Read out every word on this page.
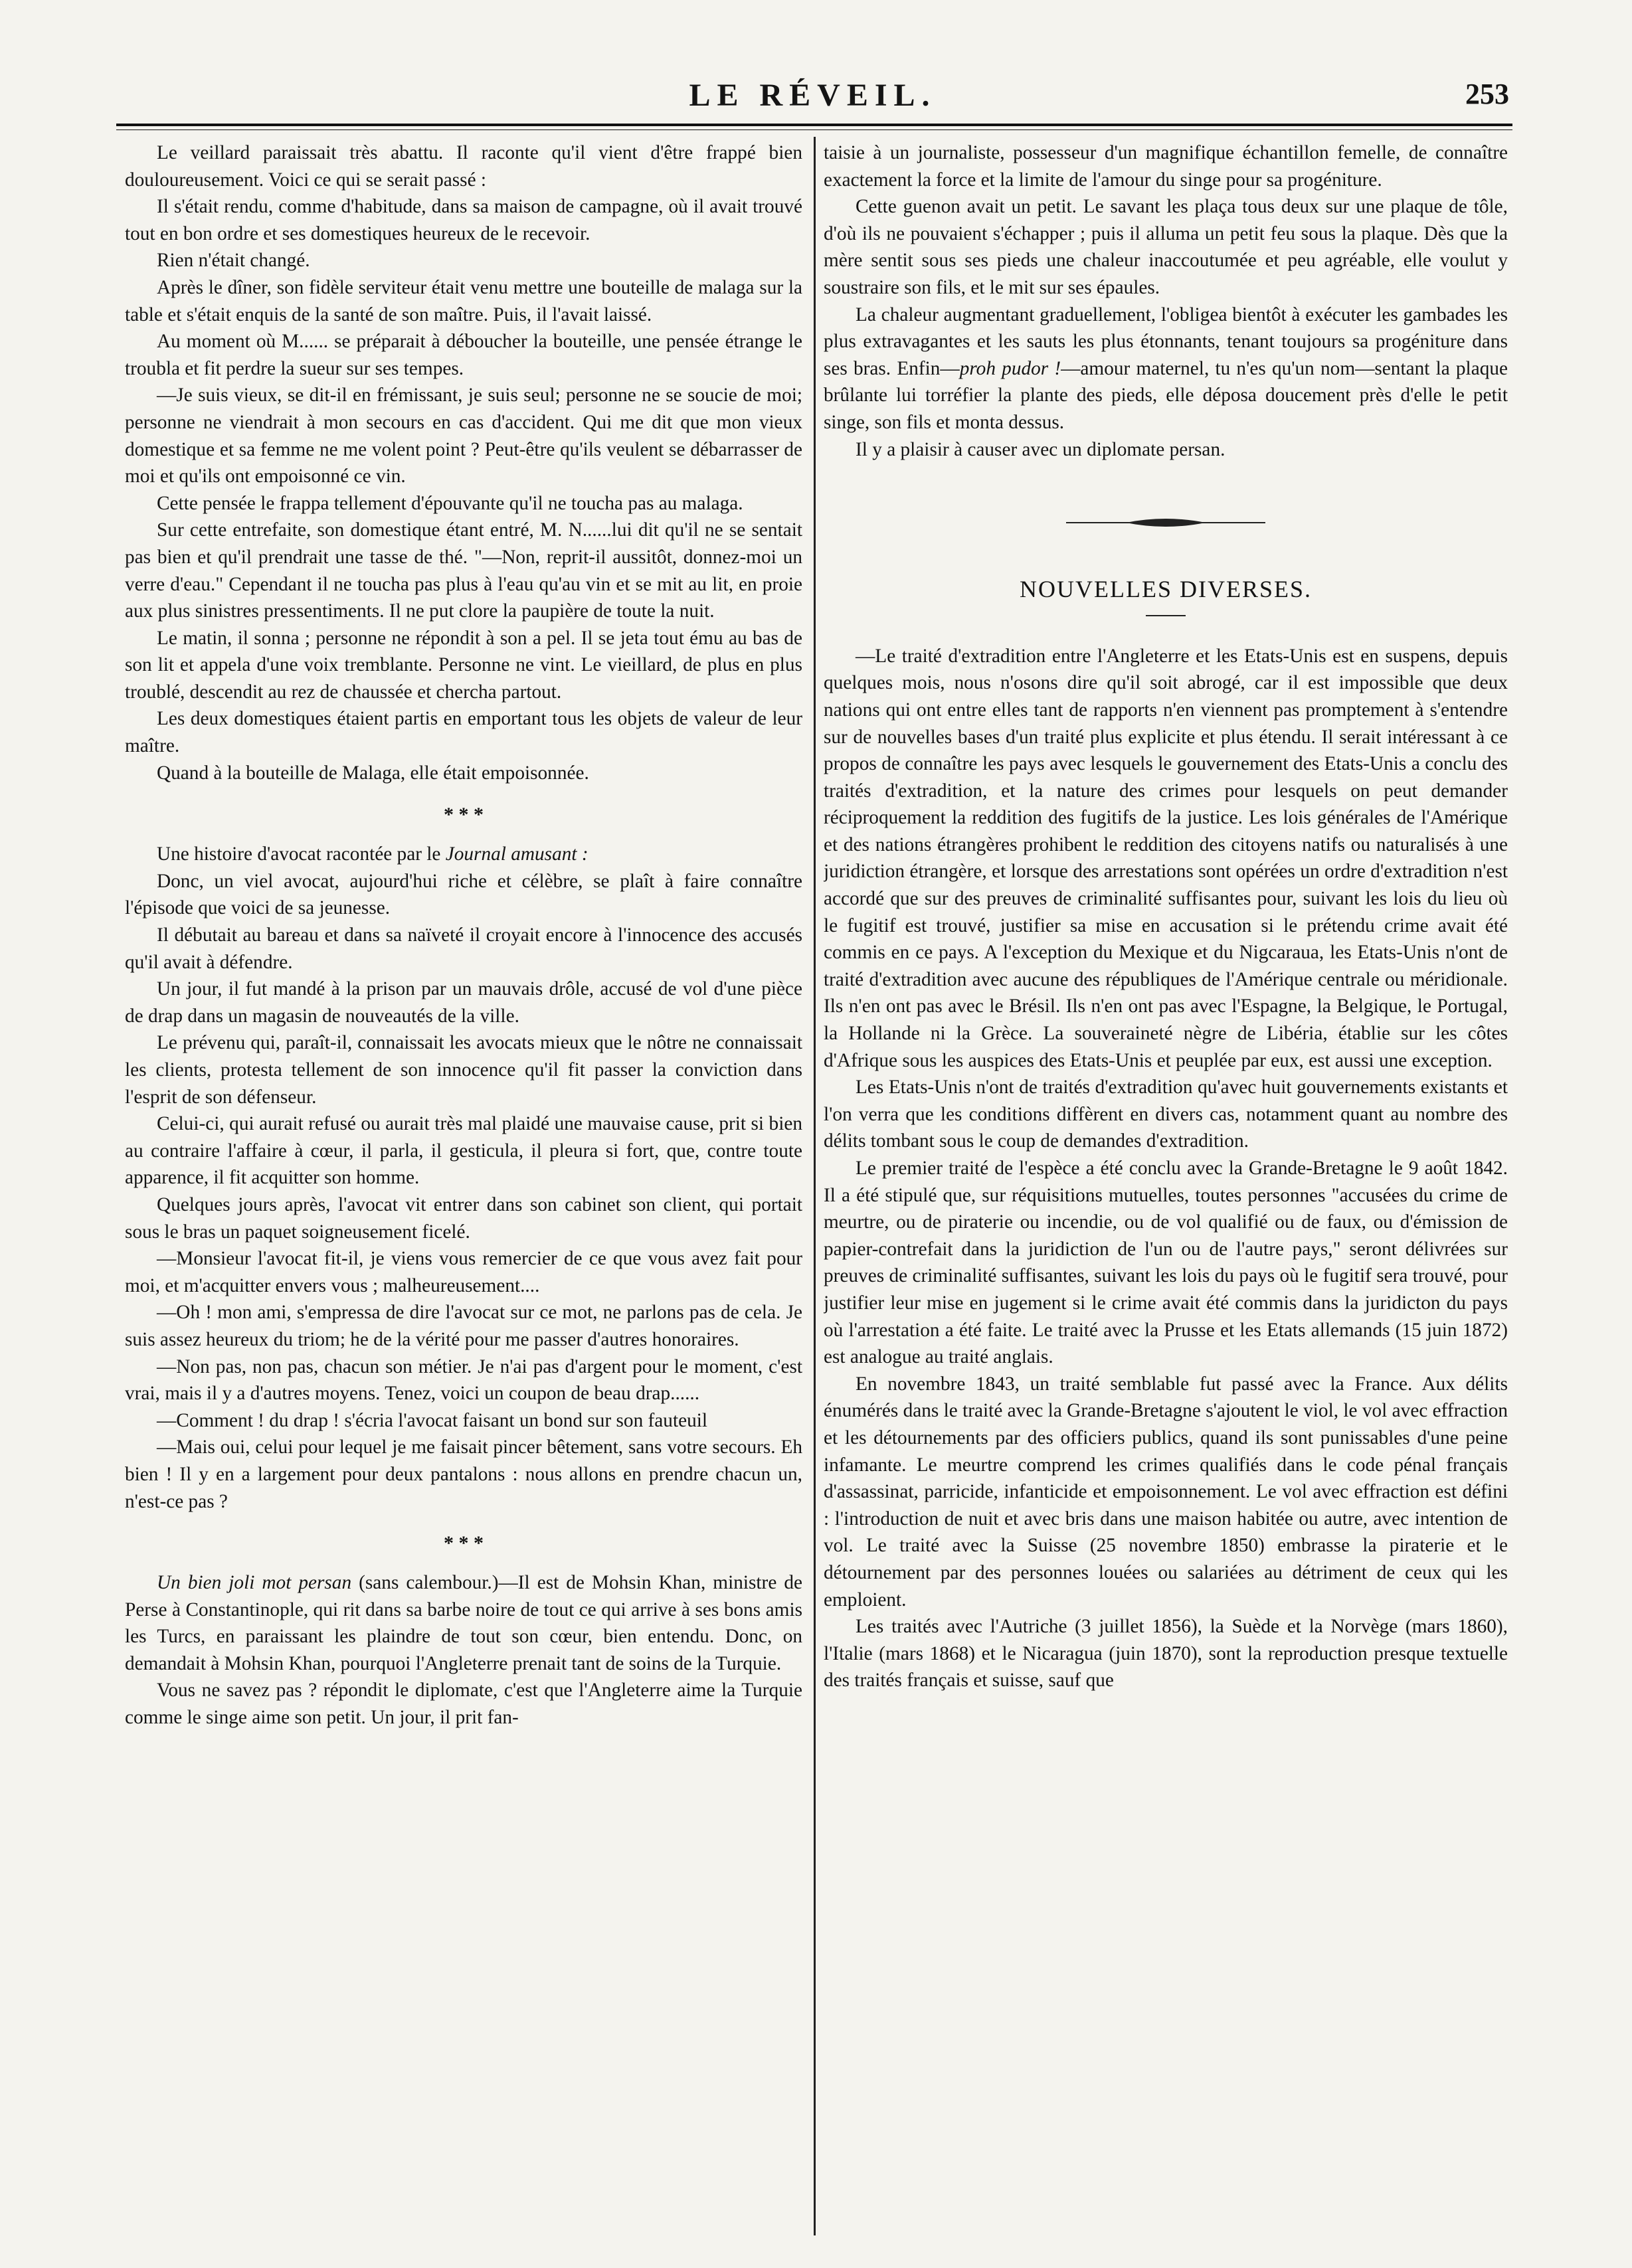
LE RÉVEIL.	253

Le veillard paraissait très abattu. Il raconte qu'il vient d'être frappé bien douloureusement. Voici ce qui se serait passé :

Il s'était rendu, comme d'habitude, dans sa maison de campagne, où il avait trouvé tout en bon ordre et ses domestiques heureux de le recevoir.

Rien n'était changé.

Après le dîner, son fidèle serviteur était venu mettre une bouteille de malaga sur la table et s'était enquis de la santé de son maître. Puis, il l'avait laissé.

Au moment où M...... se préparait à déboucher la bouteille, une pensée étrange le troubla et fit perdre la sueur sur ses tempes.

—Je suis vieux, se dit-il en frémissant, je suis seul; personne ne se soucie de moi; personne ne viendrait à mon secours en cas d'accident. Qui me dit que mon vieux domestique et sa femme ne me volent point ? Peut-être qu'ils veulent se débarrasser de moi et qu'ils ont empoisonné ce vin.

Cette pensée le frappa tellement d'épouvante qu'il ne toucha pas au malaga.

Sur cette entrefaite, son domestique étant entré, M. N......lui dit qu'il ne se sentait pas bien et qu'il prendrait une tasse de thé. "—Non, reprit-il aussitôt, donnez-moi un verre d'eau." Cependant il ne toucha pas plus à l'eau qu'au vin et se mit au lit, en proie aux plus sinistres pressentiments. Il ne put clore la paupière de toute la nuit.

Le matin, il sonna ; personne ne répondit à son a pel. Il se jeta tout ému au bas de son lit et appela d'une voix tremblante. Personne ne vint. Le vieillard, de plus en plus troublé, descendit au rez de chaussée et chercha partout.

Les deux domestiques étaient partis en emportant tous les objets de valeur de leur maître.

Quand à la bouteille de Malaga, elle était empoisonnée.

* * *

Une histoire d'avocat racontée par le Journal amusant :

Donc, un viel avocat, aujourd'hui riche et célèbre, se plaît à faire connaître l'épisode que voici de sa jeunesse.

Il débutait au bareau et dans sa naïveté il croyait encore à l'innocence des accusés qu'il avait à défendre.

Un jour, il fut mandé à la prison par un mauvais drôle, accusé de vol d'une pièce de drap dans un magasin de nouveautés de la ville.

Le prévenu qui, paraît-il, connaissait les avocats mieux que le nôtre ne connaissait les clients, protesta tellement de son innocence qu'il fit passer la conviction dans l'esprit de son défenseur.

Celui-ci, qui aurait refusé ou aurait très mal plaidé une mauvaise cause, prit si bien au contraire l'affaire à cœur, il parla, il gesticula, il pleura si fort, que, contre toute apparence, il fit acquitter son homme.

Quelques jours après, l'avocat vit entrer dans son cabinet son client, qui portait sous le bras un paquet soigneusement ficelé.

—Monsieur l'avocat fit-il, je viens vous remercier de ce que vous avez fait pour moi, et m'acquitter envers vous ; malheureusement....

—Oh ! mon ami, s'empressa de dire l'avocat sur ce mot, ne parlons pas de cela. Je suis assez heureux du triom; he de la vérité pour me passer d'autres honoraires.

—Non pas, non pas, chacun son métier. Je n'ai pas d'argent pour le moment, c'est vrai, mais il y a d'autres moyens. Tenez, voici un coupon de beau drap......

—Comment ! du drap ! s'écria l'avocat faisant un bond sur son fauteuil

—Mais oui, celui pour lequel je me faisait pincer bêtement, sans votre secours. Eh bien ! Il y en a largement pour deux pantalons : nous allons en prendre chacun un, n'est-ce pas ?

* * *

Un bien joli mot persan (sans calembour.)—Il est de Mohsin Khan, ministre de Perse à Constantinople, qui rit dans sa barbe noire de tout ce qui arrive à ses bons amis les Turcs, en paraissant les plaindre de tout son cœur, bien entendu. Donc, on demandait à Mohsin Khan, pourquoi l'Angleterre prenait tant de soins de la Turquie.

Vous ne savez pas ? répondit le diplomate, c'est que l'Angleterre aime la Turquie comme le singe aime son petit. Un jour, il prit fan-

taisie à un journaliste, possesseur d'un magnifique échantillon femelle, de connaître exactement la force et la limite de l'amour du singe pour sa progéniture.

Cette guenon avait un petit. Le savant les plaça tous deux sur une plaque de tôle, d'où ils ne pouvaient s'échapper ; puis il alluma un petit feu sous la plaque. Dès que la mère sentit sous ses pieds une chaleur inaccoutumée et peu agréable, elle voulut y soustraire son fils, et le mit sur ses épaules.

La chaleur augmentant graduellement, l'obligea bientôt à exécuter les gambades les plus extravagantes et les sauts les plus étonnants, tenant toujours sa progéniture dans ses bras. Enfin—proh pudor !—amour maternel, tu n'es qu'un nom—sentant la plaque brûlante lui torréfier la plante des pieds, elle déposa doucement près d'elle le petit singe, son fils et monta dessus.

Il y a plaisir à causer avec un diplomate persan.

NOUVELLES DIVERSES.

—Le traité d'extradition entre l'Angleterre et les Etats-Unis est en suspens, depuis quelques mois, nous n'osons dire qu'il soit abrogé, car il est impossible que deux nations qui ont entre elles tant de rapports n'en viennent pas promptement à s'entendre sur de nouvelles bases d'un traité plus explicite et plus étendu. Il serait intéressant à ce propos de connaître les pays avec lesquels le gouvernement des Etats-Unis a conclu des traités d'extradition, et la nature des crimes pour lesquels on peut demander réciproquement la reddition des fugitifs de la justice. Les lois générales de l'Amérique et des nations étrangères prohibent le reddition des citoyens natifs ou naturalisés à une juridiction étrangère, et lorsque des arrestations sont opérées un ordre d'extradition n'est accordé que sur des preuves de criminalité suffisantes pour, suivant les lois du lieu où le fugitif est trouvé, justifier sa mise en accusation si le prétendu crime avait été commis en ce pays. A l'exception du Mexique et du Nigcaraua, les Etats-Unis n'ont de traité d'extradition avec aucune des républiques de l'Amérique centrale ou méridionale. Ils n'en ont pas avec le Brésil. Ils n'en ont pas avec l'Espagne, la Belgique, le Portugal, la Hollande ni la Grèce. La souveraineté nègre de Libéria, établie sur les côtes d'Afrique sous les auspices des Etats-Unis et peuplée par eux, est aussi une exception.

Les Etats-Unis n'ont de traités d'extradition qu'avec huit gouvernements existants et l'on verra que les conditions diffèrent en divers cas, notamment quant au nombre des délits tombant sous le coup de demandes d'extradition.

Le premier traité de l'espèce a été conclu avec la Grande-Bretagne le 9 août 1842. Il a été stipulé que, sur réquisitions mutuelles, toutes personnes "accusées du crime de meurtre, ou de piraterie ou incendie, ou de vol qualifié ou de faux, ou d'émission de papier-contrefait dans la juridiction de l'un ou de l'autre pays," seront délivrées sur preuves de criminalité suffisantes, suivant les lois du pays où le fugitif sera trouvé, pour justifier leur mise en jugement si le crime avait été commis dans la juridicton du pays où l'arrestation a été faite. Le traité avec la Prusse et les Etats allemands (15 juin 1872) est analogue au traité anglais.

En novembre 1843, un traité semblable fut passé avec la France. Aux délits énumérés dans le traité avec la Grande-Bretagne s'ajoutent le viol, le vol avec effraction et les détournements par des officiers publics, quand ils sont punissables d'une peine infamante. Le meurtre comprend les crimes qualifiés dans le code pénal français d'assassinat, parricide, infanticide et empoisonnement. Le vol avec effraction est défini : l'introduction de nuit et avec bris dans une maison habitée ou autre, avec intention de vol. Le traité avec la Suisse (25 novembre 1850) embrasse la piraterie et le détournement par des personnes louées ou salariées au détriment de ceux qui les emploient.

Les traités avec l'Autriche (3 juillet 1856), la Suède et la Norvège (mars 1860), l'Italie (mars 1868) et le Nicaragua (juin 1870), sont la reproduction presque textuelle des traités français et suisse, sauf que
